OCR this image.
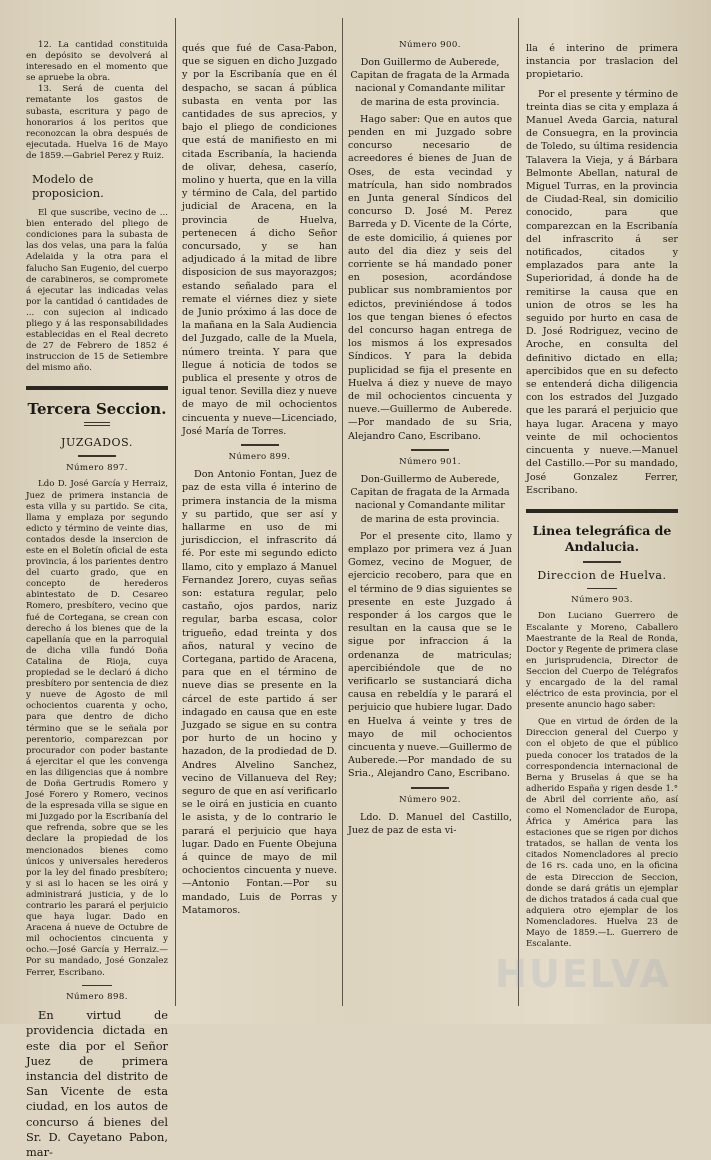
12. La cantidad constituida en depósito se devolverá al interesado en el momento que se apruebe la obra.

13. Será de cuenta del rematante los gastos de subasta, escritura y pago de honorarios á los peritos que reconozcan la obra después de ejecutada. Huelva 16 de Mayo de 1859.—Gabriel Perez y Ruiz.

Modelo de proposicion.

El que suscribe, vecino de ... bien enterado del pliego de condiciones para la subasta de las dos velas, una para la falúa Adelaida y la otra para el falucho San Eugenio, del cuerpo de carabineros, se compromete á ejecutar las indicadas velas por la cantidad ó cantidades de ... con sujecion al indicado pliego y á las responsabilidades establecidas en el Real decreto de 27 de Febrero de 1852 é instruccion de 15 de Setiembre del mismo año.

Tercera Seccion.
JUZGADOS.
Número 897.

Ldo D. José García y Herraiz, Juez de primera instancia de esta villa y su partido. Se cita, llama y emplaza por segundo edicto y término de veinte dias, contados desde la insercion de este en el Boletín oficial de esta provincia, á los parientes dentro del cuarto grado, que en concepto de herederos abintestato de D. Cesareo Romero, presbítero, vecino que fué de Cortegana, se crean con derecho á los bienes que de la capellanía que en la parroquial de dicha villa fundó Doña Catalina de Rioja, cuya propiedad se le declaró á dicho presbítero por sentencia de diez y nueve de Agosto de mil ochocientos cuarenta y ocho, para que dentro de dicho término que se le señala por perentorio, comparezcan por procurador con poder bastante á ejercitar el que les convenga en las diligencias que á nombre de Doña Gertrudis Romero y José Forero y Romero, vecinos de la espresada villa se sigue en mi Juzgado por la Escribanía del que refrenda, sobre que se les declare la propiedad de los mencionados bienes como únicos y universales herederos por la ley del finado presbítero; y si asi lo hacen se les oirá y administrará justicia, y de lo contrario les parará el perjuicio que haya lugar. Dado en Aracena á nueve de Octubre de mil ochocientos cincuenta y ocho.—José García y Herraiz.—Por su mandado, José Gonzalez Ferrer, Escribano.

Número 898.

En virtud de providencia dictada en este dia por el Señor Juez de primera instancia del distrito de San Vicente de esta ciudad, en los autos de concurso á bienes del Sr. D. Cayetano Pabon, mar-

qués que fué de Casa-Pabon, que se siguen en dicho Juzgado y por la Escribanía que en él despacho, se sacan á pública subasta en venta por las cantidades de sus aprecios, y bajo el pliego de condiciones que está de manifiesto en mi citada Escribanía, la hacienda de olivar, dehesa, caserío, molino y huerta, que en la villa y término de Cala, del partido judicial de Aracena, en la provincia de Huelva, pertenecen á dicho Señor concursado, y se han adjudicado á la mitad de libre disposicion de sus mayorazgos; estando señalado para el remate el viérnes diez y siete de Junio próximo á las doce de la mañana en la Sala Audiencia del Juzgado, calle de la Muela, número treinta. Y para que llegue á noticia de todos se publica el presente y otros de igual tenor. Sevilla diez y nueve de mayo de mil ochocientos cincuenta y nueve—Licenciado, José María de Torres.

Número 899.

Don Antonio Fontan, Juez de paz de esta villa é interino de primera instancia de la misma y su partido, que ser así y hallarme en uso de mi jurisdiccion, el infrascrito dá fé. Por este mi segundo edicto llamo, cito y emplazo á Manuel Fernandez Jorero, cuyas señas son: estatura regular, pelo castaño, ojos pardos, nariz regular, barba escasa, color trigueño, edad treinta y dos años, natural y vecino de Cortegana, partido de Aracena, para que en el término de nueve dias se presente en la cárcel de este partido á ser indagado en causa que en este Juzgado se sigue en su contra por hurto de un hocino y hazadon, de la prodiedad de D. Andres Alvelino Sanchez, vecino de Villanueva del Rey; seguro de que en así verificarlo se le oirá en justicia en cuanto le asista, y de lo contrario le parará el perjuicio que haya lugar. Dado en Fuente Obejuna á quince de mayo de mil ochocientos cincuenta y nueve.—Antonio Fontan.—Por su mandado, Luis de Porras y Matamoros.

Número 900.

Don Guillermo de Auberede, Capitan de fragata de la Armada nacional y Comandante militar de marina de esta provincia.

Hago saber: Que en autos que penden en mi Juzgado sobre concurso necesario de acreedores é bienes de Juan de Oses, de esta vecindad y matrícula, han sido nombrados en Junta general Síndicos del concurso D. José M. Perez Barreda y D. Vicente de la Córte, de este domicilio, á quienes por auto del dia diez y seis del corriente se há mandado poner en posesion, acordándose publicar sus nombramientos por edictos, previniéndose á todos los que tengan bienes ó efectos del concurso hagan entrega de los mismos á los expresados Síndicos. Y para la debida puplicidad se fija el presente en Huelva á diez y nueve de mayo de mil ochocientos cincuenta y nueve.—Guillermo de Auberede.—Por mandado de su Sria, Alejandro Cano, Escribano.

Número 901.

Don-Guillermo de Auberede, Capitan de fragata de la Armada nacional y Comandante militar de marina de esta provincia.

Por el presente cito, llamo y emplazo por primera vez á Juan Gomez, vecino de Moguer, de ejercicio recobero, para que en el término de 9 dias siguientes se presente en este Juzgado á responder á los cargos que le resultan en la causa que se le sigue por infraccion á la ordenanza de matriculas; apercibiéndole que de no verificarlo se sustanciará dicha causa en rebeldía y le parará el perjuicio que hubiere lugar. Dado en Huelva á veinte y tres de mayo de mil ochocientos cincuenta y nueve.—Guillermo de Auberede.—Por mandado de su Sria., Alejandro Cano, Escribano.

Número 902.

Ldo. D. Manuel del Castillo, Juez de paz de esta vi-

lla é interino de primera instancia por traslacion del propietario.

Por el presente y término de treinta dias se cita y emplaza á Manuel Aveda Garcia, natural de Consuegra, en la provincia de Toledo, su última residencia Talavera la Vieja, y á Bárbara Belmonte Abellan, natural de Miguel Turras, en la provincia de Ciudad-Real, sin domicilio conocido, para que comparezcan en la Escribanía del infrascrito á ser notificados, citados y emplazados para ante la Superioridad, á donde ha de remitirse la causa que en union de otros se les ha seguido por hurto en casa de D. José Rodriguez, vecino de Aroche, en consulta del definitivo dictado en ella; apercibidos que en su defecto se entenderá dicha diligencia con los estrados del Juzgado que les parará el perjuicio que haya lugar. Aracena y mayo veinte de mil ochocientos cincuenta y nueve.—Manuel del Castillo.—Por su mandado, José Gonzalez Ferrer, Escribano.

Linea telegráfica de Andalucia.
Direccion de Huelva.
Número 903.

Don Luciano Guerrero de Escalante y Moreno, Caballero Maestrante de la Real de Ronda, Doctor y Regente de primera clase en jurisprudencia, Director de Seccion del Cuerpo de Telégrafos y encargado de la del ramal eléctrico de esta provincia, por el presente anuncio hago saber:

Que en virtud de órden de la Direccion general del Cuerpo y con el objeto de que el público pueda conocer los tratados de la correspondencia internacional de Berna y Bruselas á que se ha adherido España y rigen desde 1.° de Abril del corriente año, así como el Nomenclador de Europa, África y América para las estaciones que se rigen por dichos tratados, se hallan de venta los citados Nomencladores al precio de 16 rs. cada uno, en la oficina de esta Direccion de Seccion, donde se dará grátis un ejemplar de dichos tratados á cada cual que adquiera otro ejemplar de los Nomencladores. Huelva 23 de Mayo de 1859.—L. Guerrero de Escalante.

HUELVA
